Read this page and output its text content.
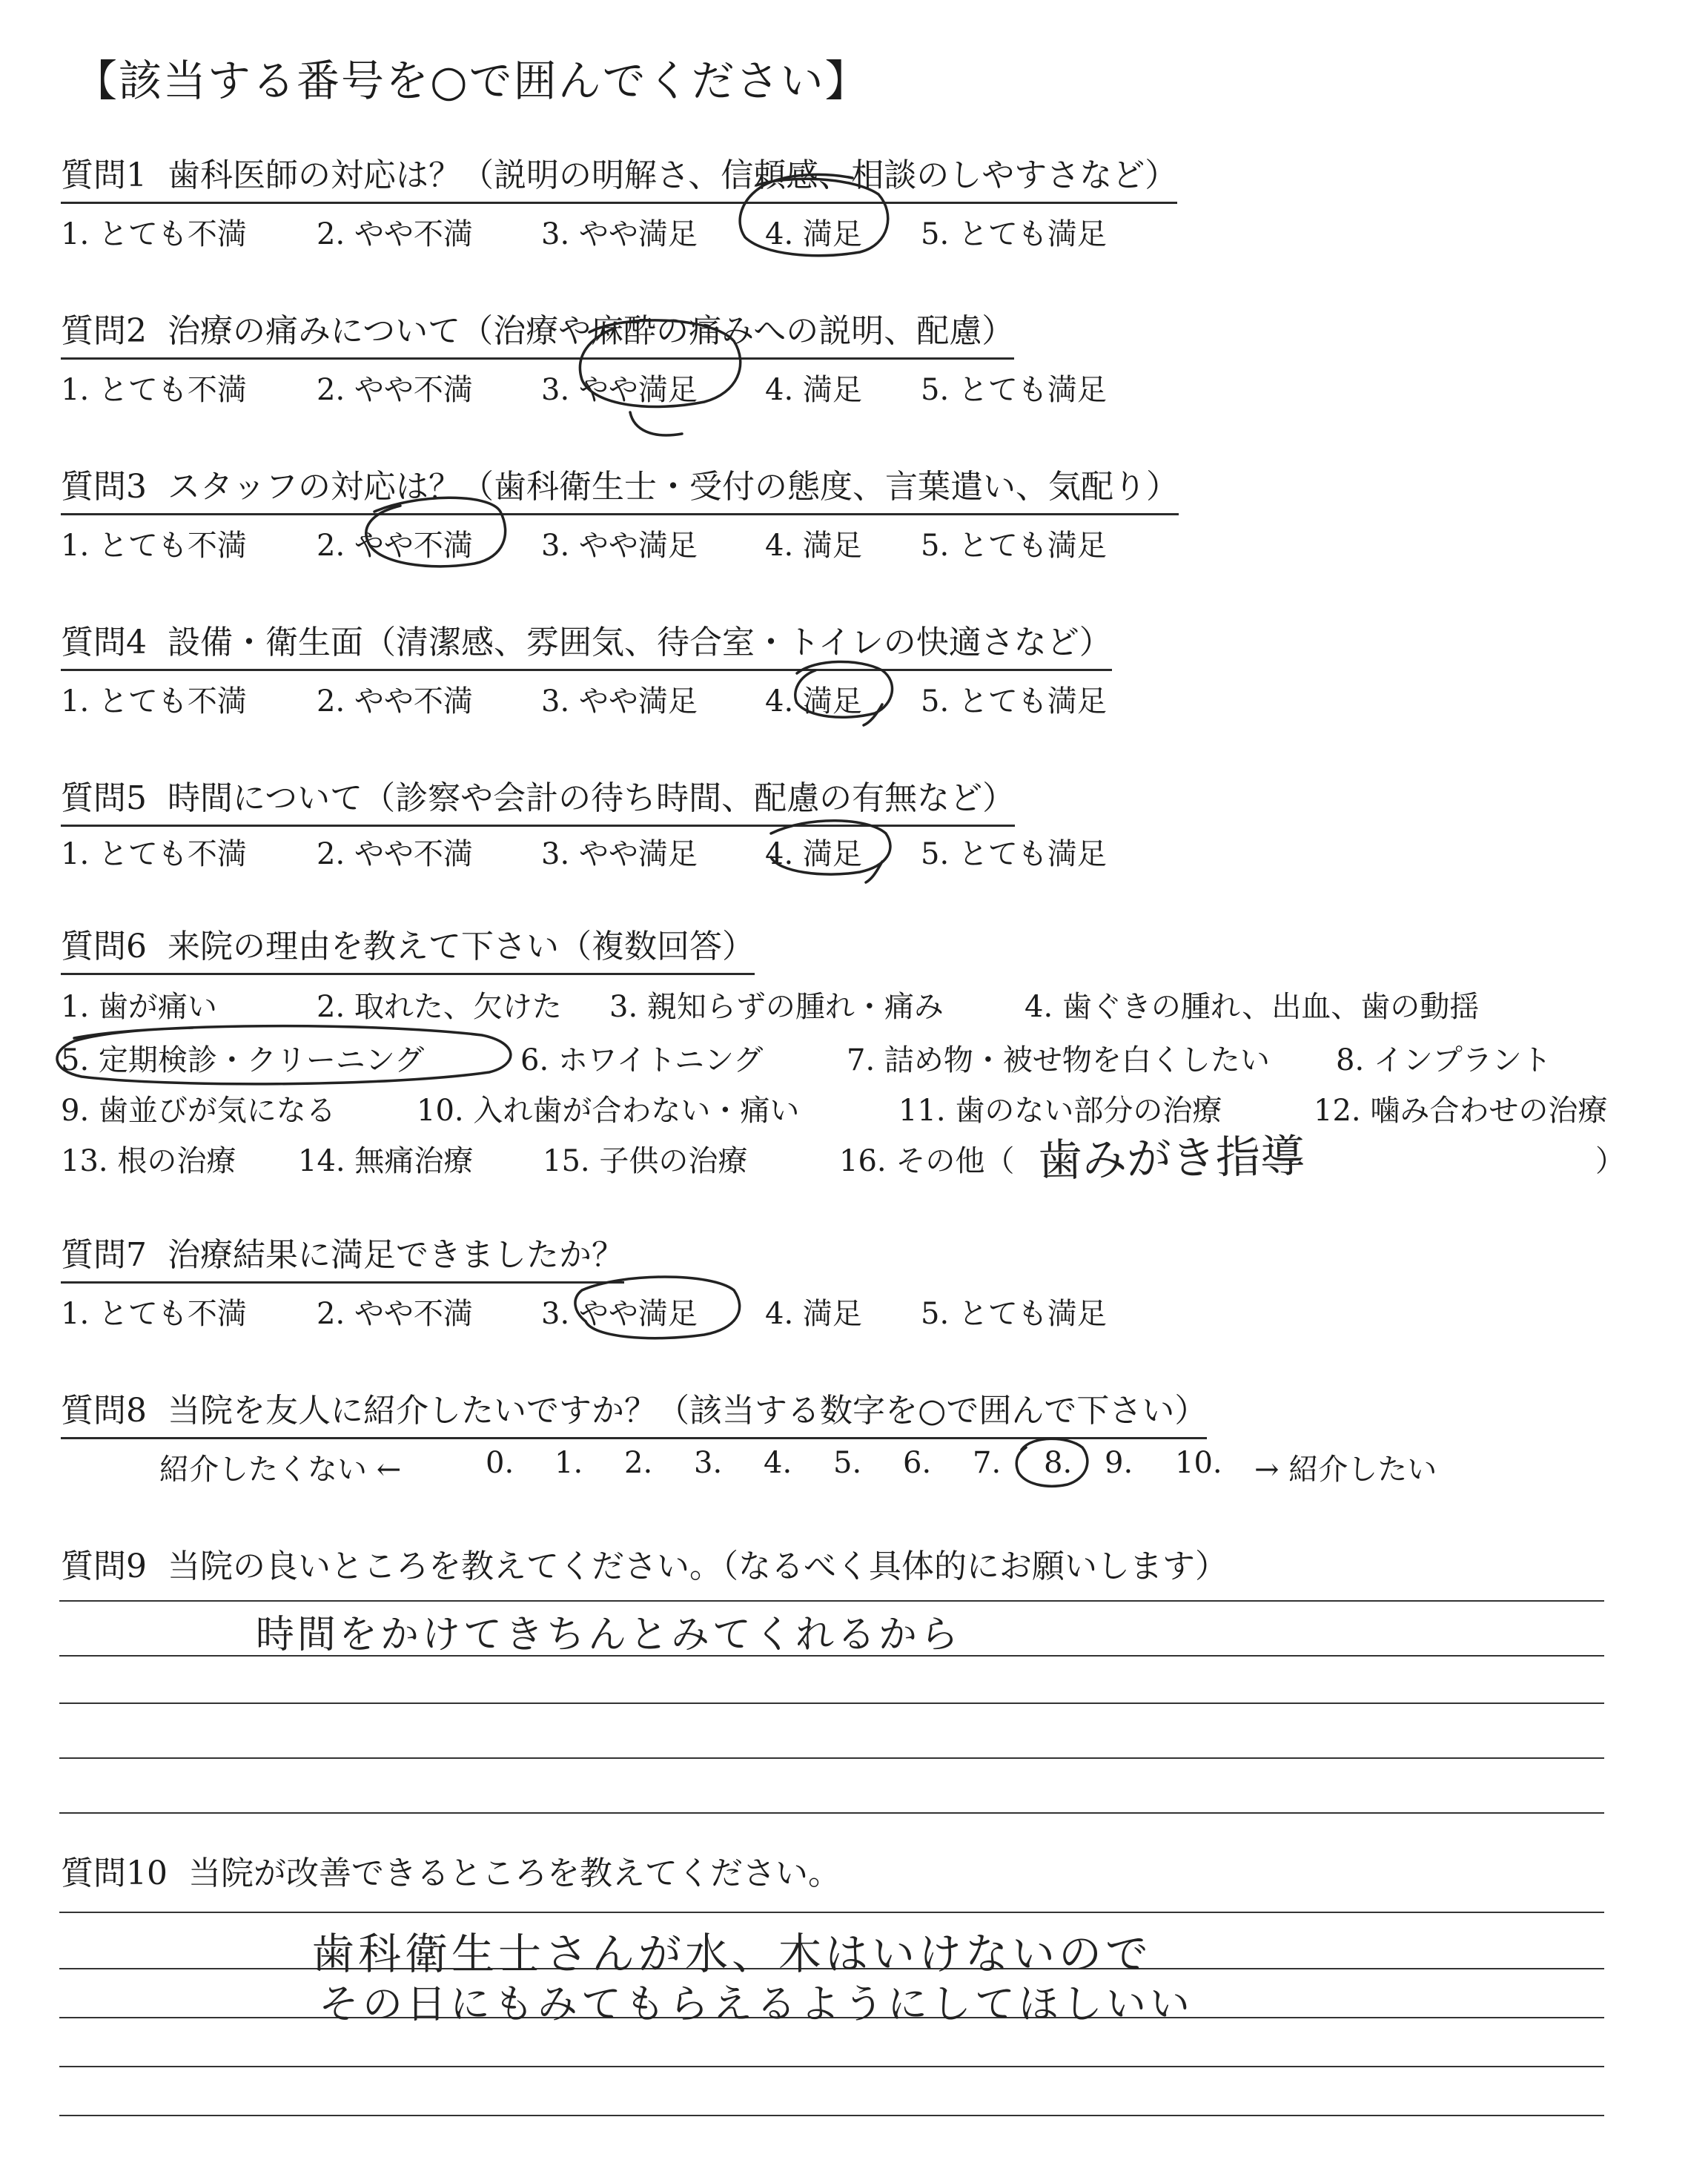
【該当する番号を○で囲んでください】
質問1 歯科医師の対応は？（説明の明解さ、信頼感、相談のしやすさなど）
質問2 治療の痛みについて（治療や麻酔の痛みへの説明、配慮）
質問3 スタッフの対応は？（歯科衛生士・受付の態度、言葉遣い、気配り）
質問4 設備・衛生面（清潔感、雰囲気、待合室・トイレの快適さなど）
質問5 時間について（診察や会計の待ち時間、配慮の有無など）
1. とても不満 2. やや不満 3. やや満足 4. 満足 5. とても満足
1. とても不満 2. やや不満 3. やや満足 4. 満足 5. とても満足
1. とても不満 2. やや不満 3. やや満足 4. 満足 5. とても満足
1. とても不満 2. やや不満 3. やや満足 4. 満足 5. とても満足
1. とても不満 2. やや不満 3. やや満足 4. 満足 5. とても満足
質問6 来院の理由を教えて下さい（複数回答）
1. 歯が痛い	2. 取れた、欠けた 3. 親知らずの腫れ・痛み	4. 歯ぐきの腫れ、出血、歯の動揺
5. 定期検診・クリーニング	6. ホワイトニング	7. 詰め物・被せ物を白くしたい 8. インプラント
9. 歯並びが気になる	10. 入れ歯が合わない・痛い	11. 歯のない部分の治療	12. 噛み合わせの治療
13. 根の治療 14. 無痛治療 15. 子供の治療	16. その他（	）
歯みがき指導
質問7 治療結果に満足できましたか？
1. とても不満 2. やや不満 3. やや満足 4. 満足 5. とても満足
質問8 当院を友人に紹介したいですか？（該当する数字を○で囲んで下さい）
紹介したくない ←	0. 1. 2. 3. 4. 5. 6. 7. 8. 9. 10. → 紹介したい
質問9 当院の良いところを教えてください。（なるべく具体的にお願いします）
時間をかけてきちんとみてくれるから
質問10 当院が改善できるところを教えてください。
歯科衛生士さんが水、木はいけないので
その日にもみてもらえるようにしてほしいい
